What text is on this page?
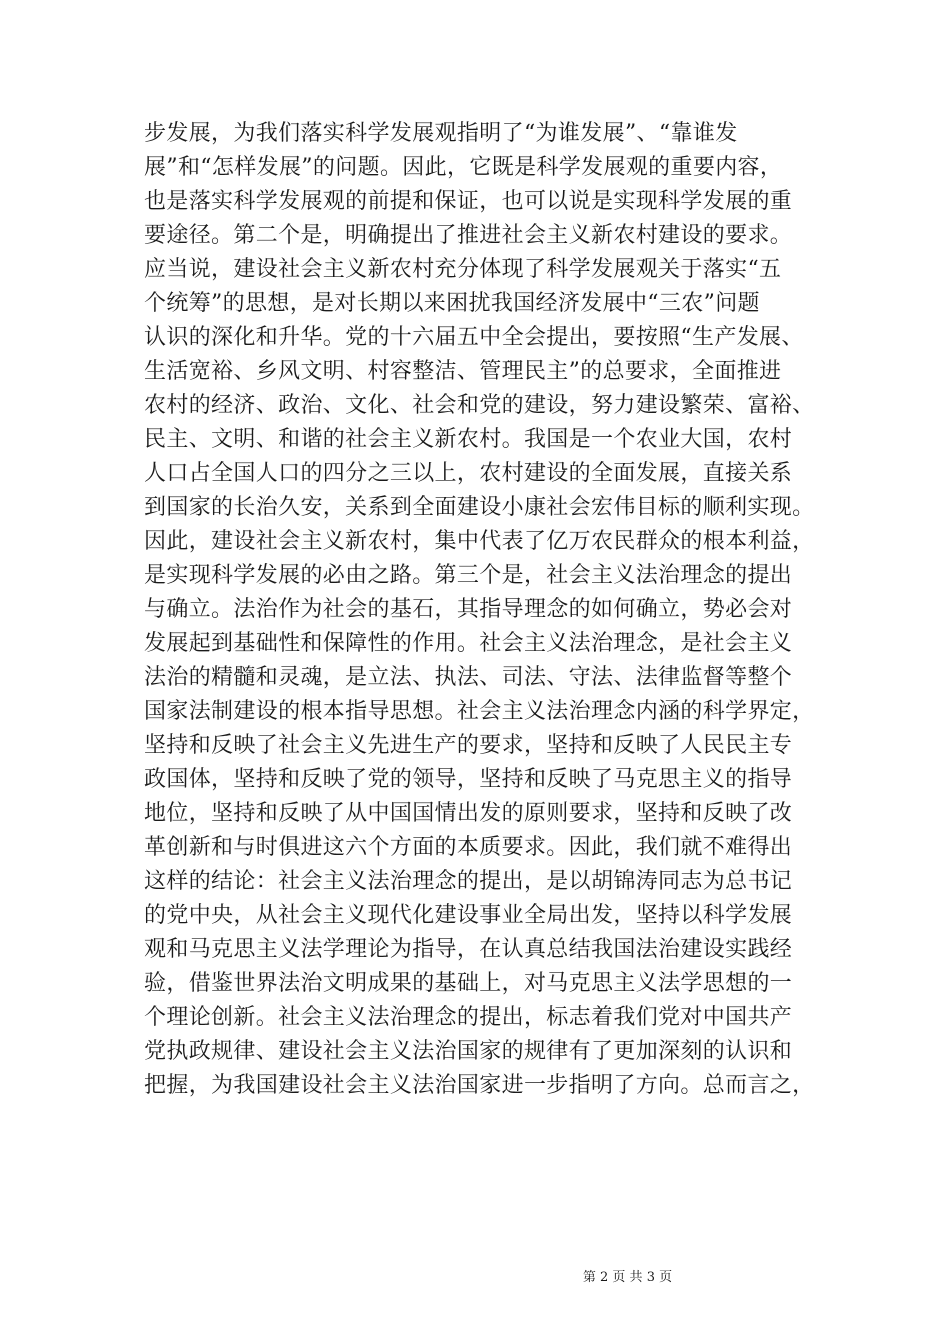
步发展，为我们落实科学发展观指明了“为谁发展”、“靠谁发
展”和“怎样发展”的问题。因此，它既是科学发展观的重要内容，
也是落实科学发展观的前提和保证，也可以说是实现科学发展的重
要途径。第二个是，明确提出了推进社会主义新农村建设的要求。
应当说，建设社会主义新农村充分体现了科学发展观关于落实“五
个统筹”的思想，是对长期以来困扰我国经济发展中“三农”问题
认识的深化和升华。党的十六届五中全会提出，要按照“生产发展、
生活宽裕、乡风文明、村容整洁、管理民主”的总要求，全面推进
农村的经济、政治、文化、社会和党的建设，努力建设繁荣、富裕、
民主、文明、和谐的社会主义新农村。我国是一个农业大国，农村
人口占全国人口的四分之三以上，农村建设的全面发展，直接关系
到国家的长治久安，关系到全面建设小康社会宏伟目标的顺利实现。
因此，建设社会主义新农村，集中代表了亿万农民群众的根本利益，
是实现科学发展的必由之路。第三个是，社会主义法治理念的提出
与确立。法治作为社会的基石，其指导理念的如何确立，势必会对
发展起到基础性和保障性的作用。社会主义法治理念，是社会主义
法治的精髓和灵魂，是立法、执法、司法、守法、法律监督等整个
国家法制建设的根本指导思想。社会主义法治理念内涵的科学界定，
坚持和反映了社会主义先进生产的要求，坚持和反映了人民民主专
政国体，坚持和反映了党的领导，坚持和反映了马克思主义的指导
地位，坚持和反映了从中国国情出发的原则要求，坚持和反映了改
革创新和与时俱进这六个方面的本质要求。因此，我们就不难得出
这样的结论：社会主义法治理念的提出，是以胡锦涛同志为总书记
的党中央，从社会主义现代化建设事业全局出发，坚持以科学发展
观和马克思主义法学理论为指导，在认真总结我国法治建设实践经
验，借鉴世界法治文明成果的基础上，对马克思主义法学思想的一
个理论创新。社会主义法治理念的提出，标志着我们党对中国共产
党执政规律、建设社会主义法治国家的规律有了更加深刻的认识和
把握，为我国建设社会主义法治国家进一步指明了方向。总而言之，
第 2 页 共 3 页
